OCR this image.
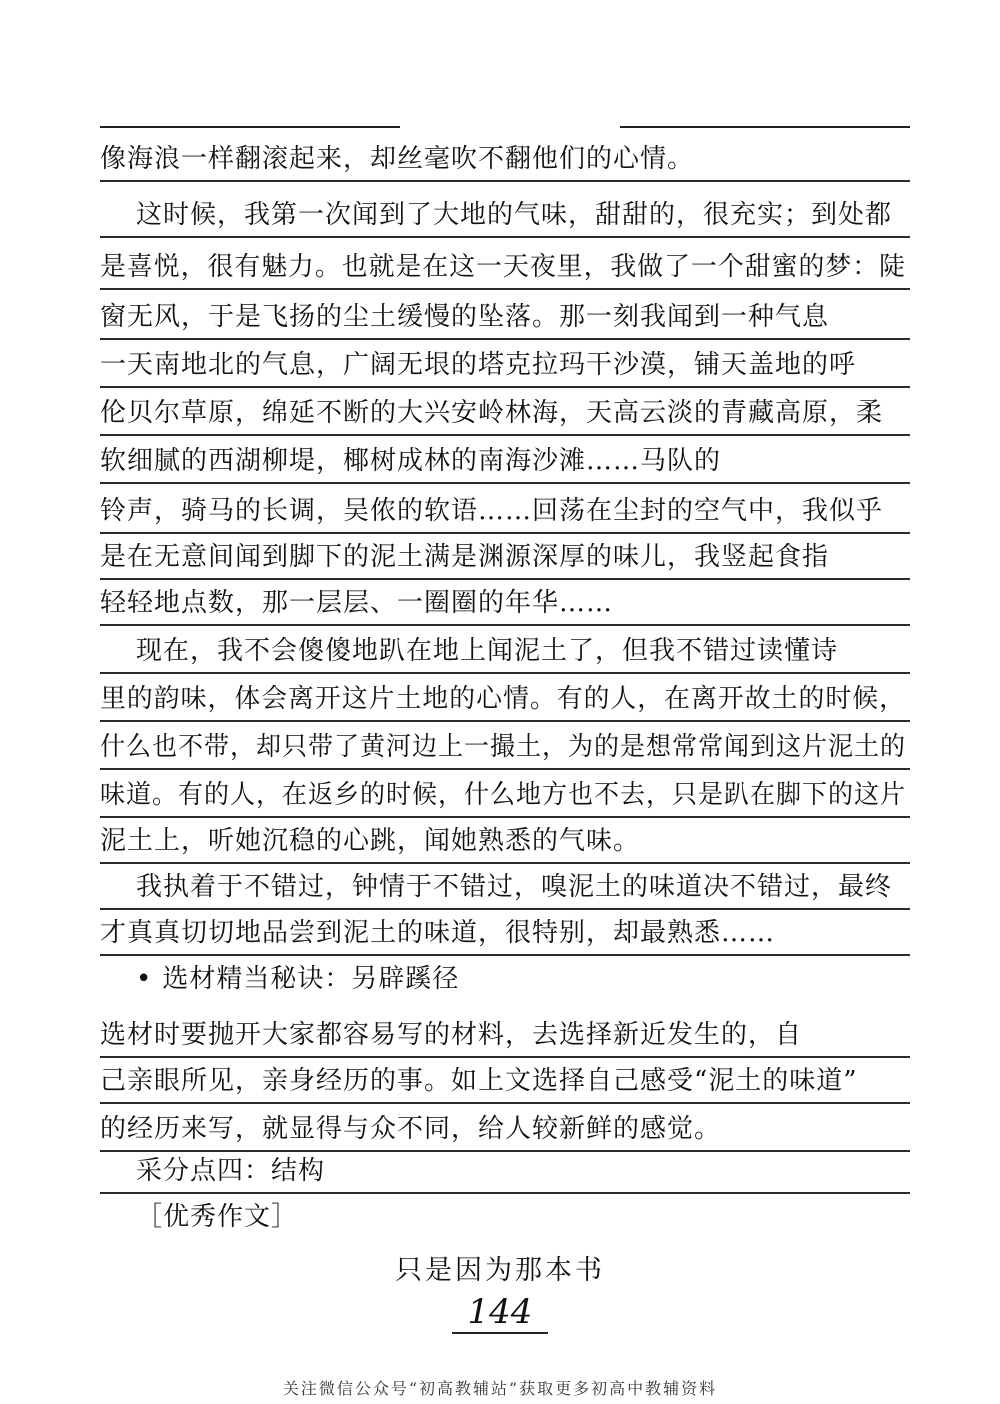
像海浪一样翻滚起来，却丝毫吹不翻他们的心情。
这时候，我第一次闻到了大地的气味，甜甜的，很充实；到处都
是喜悦，很有魅力。也就是在这一天夜里，我做了一个甜蜜的梦：陡
窗无风，于是飞扬的尘土缓慢的坠落。那一刻我闻到一种气息
一天南地北的气息，广阔无垠的塔克拉玛干沙漠，铺天盖地的呼
伦贝尔草原，绵延不断的大兴安岭林海，天高云淡的青藏高原，柔
软细腻的西湖柳堤，椰树成林的南海沙滩……马队的
铃声，骑马的长调，吴侬的软语……回荡在尘封的空气中，我似乎
是在无意间闻到脚下的泥土满是渊源深厚的味儿，我竖起食指
轻轻地点数，那一层层、一圈圈的年华……
现在，我不会傻傻地趴在地上闻泥土了，但我不错过读懂诗
里的韵味，体会离开这片土地的心情。有的人，在离开故土的时候，
什么也不带，却只带了黄河边上一撮土，为的是想常常闻到这片泥土的
味道。有的人，在返乡的时候，什么地方也不去，只是趴在脚下的这片
泥土上，听她沉稳的心跳，闻她熟悉的气味。
我执着于不错过，钟情于不错过，嗅泥土的味道决不错过，最终
才真真切切地品尝到泥土的味道，很特别，却最熟悉……
• 选材精当秘诀：另辟蹊径
选材时要抛开大家都容易写的材料，去选择新近发生的，自
己亲眼所见，亲身经历的事。如上文选择自己感受“泥土的味道”
的经历来写，就显得与众不同，给人较新鲜的感觉。
采分点四：结构
［优秀作文］
只是因为那本书
144
关注微信公众号“初高教辅站”获取更多初高中教辅资料
